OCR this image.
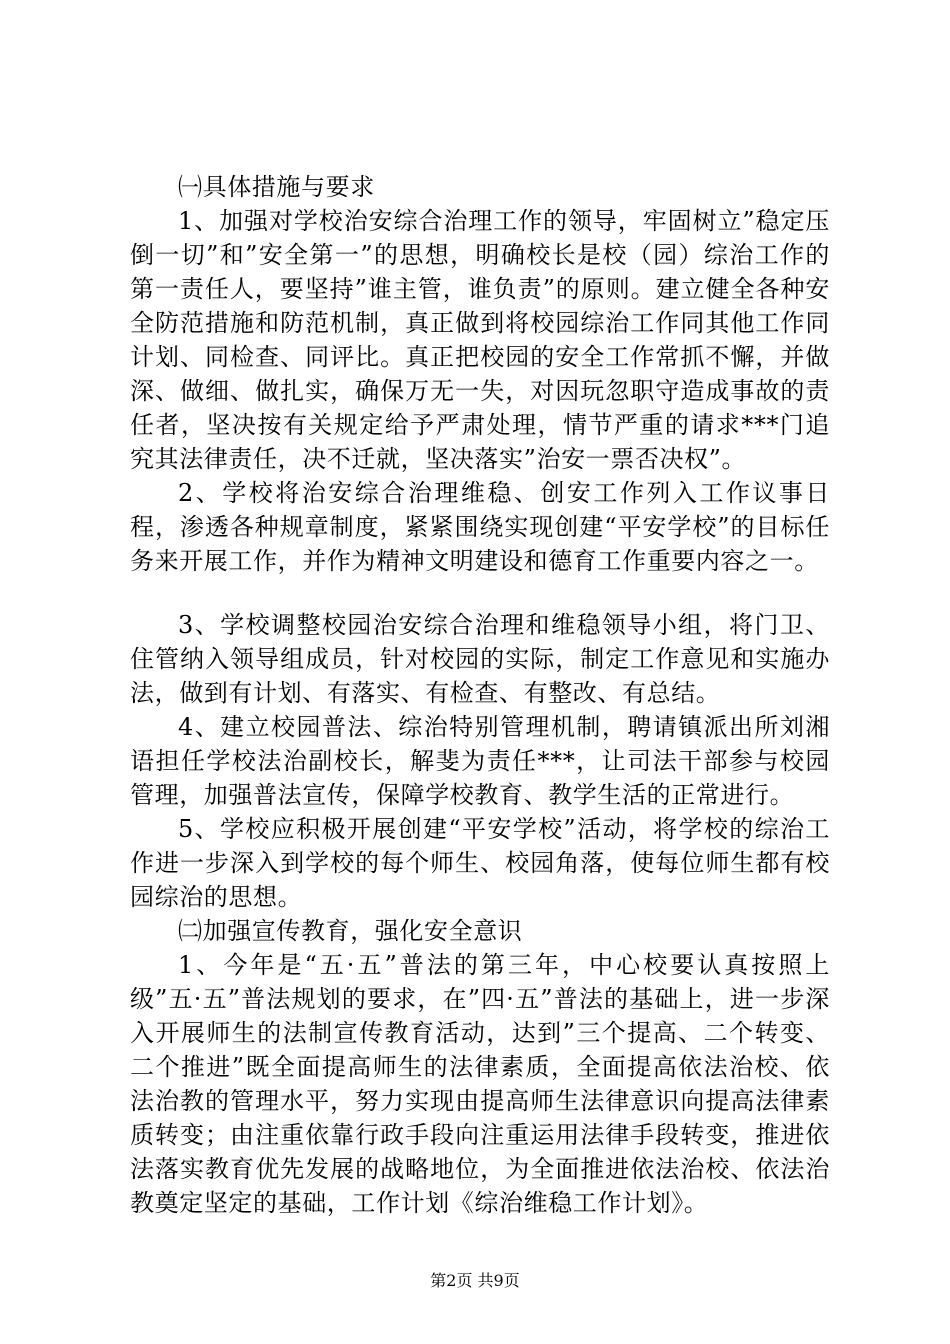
㈠具体措施与要求

1、加强对学校治安综合治理工作的领导，牢固树立”稳定压倒一切”和”安全第一”的思想，明确校长是校（园）综治工作的第一责任人，要坚持”谁主管，谁负责”的原则。建立健全各种安全防范措施和防范机制，真正做到将校园综治工作同其他工作同计划、同检查、同评比。真正把校园的安全工作常抓不懈，并做深、做细、做扎实，确保万无一失，对因玩忽职守造成事故的责任者，坚决按有关规定给予严肃处理，情节严重的请求***门追究其法律责任，决不迁就，坚决落实”治安一票否决权”。

2、学校将治安综合治理维稳、创安工作列入工作议事日程，渗透各种规章制度，紧紧围绕实现创建“平安学校”的目标任务来开展工作，并作为精神文明建设和德育工作重要内容之一。

3、学校调整校园治安综合治理和维稳领导小组，将门卫、住管纳入领导组成员，针对校园的实际，制定工作意见和实施办法，做到有计划、有落实、有检查、有整改、有总结。

4、建立校园普法、综治特别管理机制，聘请镇派出所刘湘语担任学校法治副校长，解斐为责任***，让司法干部参与校园管理，加强普法宣传，保障学校教育、教学生活的正常进行。

5、学校应积极开展创建“平安学校”活动，将学校的综治工作进一步深入到学校的每个师生、校园角落，使每位师生都有校园综治的思想。

㈡加强宣传教育，强化安全意识

1、今年是“五·五”普法的第三年，中心校要认真按照上级”五·五”普法规划的要求，在”四·五”普法的基础上，进一步深入开展师生的法制宣传教育活动，达到”三个提高、二个转变、二个推进”既全面提高师生的法律素质，全面提高依法治校、依法治教的管理水平，努力实现由提高师生法律意识向提高法律素质转变；由注重依靠行政手段向注重运用法律手段转变，推进依法落实教育优先发展的战略地位，为全面推进依法治校、依法治教奠定坚定的基础，工作计划《综治维稳工作计划》。

第2页 共9页
